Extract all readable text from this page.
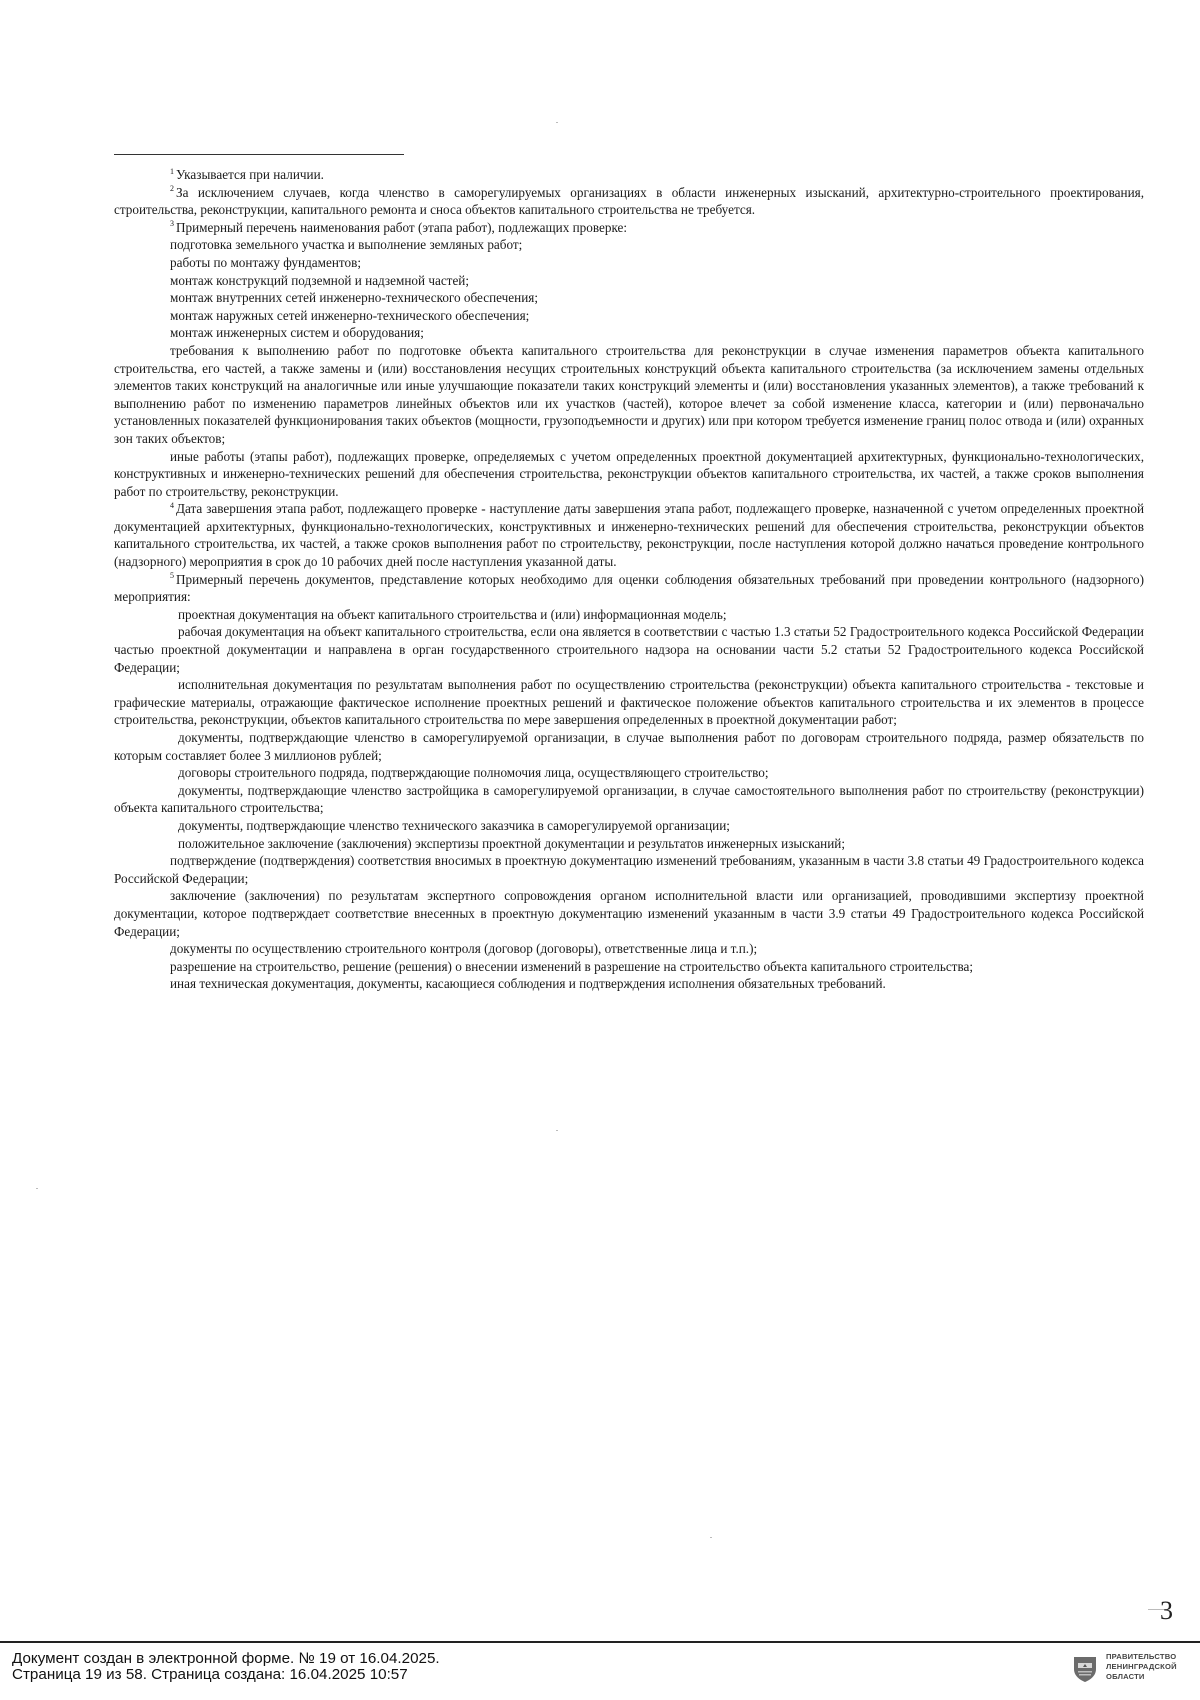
$^1$ Указывается при наличии.

$^2$ За исключением случаев, когда членство в саморегулируемых организациях в области инженерных изысканий, архитектурно-строительного проектирования, строительства, реконструкции, капитального ремонта и сноса объектов капитального строительства не требуется.

$^3$ Примерный перечень наименования работ (этапа работ), подлежащих проверке:

подготовка земельного участка и выполнение земляных работ;

работы по монтажу фундаментов;

монтаж конструкций подземной и надземной частей;

монтаж внутренних сетей инженерно-технического обеспечения;

монтаж наружных сетей инженерно-технического обеспечения;

монтаж инженерных систем и оборудования;

требования к выполнению работ по подготовке объекта капитального строительства для реконструкции в случае изменения параметров объекта капитального строительства, его частей, а также замены и (или) восстановления несущих строительных конструкций объекта капитального строительства (за исключением замены отдельных элементов таких конструкций на аналогичные или иные улучшающие показатели таких конструкций элементы и (или) восстановления указанных элементов), а также требований к выполнению работ по изменению параметров линейных объектов или их участков (частей), которое влечет за собой изменение класса, категории и (или) первоначально установленных показателей функционирования таких объектов (мощности, грузоподъемности и других) или при котором требуется изменение границ полос отвода и (или) охранных зон таких объектов;

иные работы (этапы работ), подлежащих проверке, определяемых с учетом определенных проектной документацией архитектурных, функционально-технологических, конструктивных и инженерно-технических решений для обеспечения строительства, реконструкции объектов капитального строительства, их частей, а также сроков выполнения работ по строительству, реконструкции.

$^4$ Дата завершения этапа работ, подлежащего проверке - наступление даты завершения этапа работ, подлежащего проверке, назначенной с учетом определенных проектной документацией архитектурных, функционально-технологических, конструктивных и инженерно-технических решений для обеспечения строительства, реконструкции объектов капитального строительства, их частей, а также сроков выполнения работ по строительству, реконструкции, после наступления которой должно начаться проведение контрольного (надзорного) мероприятия в срок до 10 рабочих дней после наступления указанной даты.

$^5$ Примерный перечень документов, представление которых необходимо для оценки соблюдения обязательных требований при проведении контрольного (надзорного) мероприятия:

проектная документация на объект капитального строительства и (или) информационная модель;

рабочая документация на объект капитального строительства, если она является в соответствии с частью 1.3 статьи 52 Градостроительного кодекса Российской Федерации частью проектной документации и направлена в орган государственного строительного надзора на основании части 5.2 статьи 52 Градостроительного кодекса Российской Федерации;

исполнительная документация по результатам выполнения работ по осуществлению строительства (реконструкции) объекта капитального строительства - текстовые и графические материалы, отражающие фактическое исполнение проектных решений и фактическое положение объектов капитального строительства и их элементов в процессе строительства, реконструкции, объектов капитального строительства по мере завершения определенных в проектной документации работ;

документы, подтверждающие членство в саморегулируемой организации, в случае выполнения работ по договорам строительного подряда, размер обязательств по которым составляет более 3 миллионов рублей;

договоры строительного подряда, подтверждающие полномочия лица, осуществляющего строительство;

документы, подтверждающие членство застройщика в саморегулируемой организации, в случае самостоятельного выполнения работ по строительству (реконструкции) объекта капитального строительства;

документы, подтверждающие членство технического заказчика в саморегулируемой организации;

положительное заключение (заключения) экспертизы проектной документации и результатов инженерных изысканий;

подтверждение (подтверждения) соответствия вносимых в проектную документацию изменений требованиям, указанным в части 3.8 статьи 49 Градостроительного кодекса Российской Федерации;

заключение (заключения) по результатам экспертного сопровождения органом исполнительной власти или организацией, проводившими экспертизу проектной документации, которое подтверждает соответствие внесенных в проектную документацию изменений указанным в части 3.9 статьи 49 Градостроительного кодекса Российской Федерации;

документы по осуществлению строительного контроля (договор (договоры), ответственные лица и т.п.);

разрешение на строительство, решение (решения) о внесении изменений в разрешение на строительство объекта капитального строительства;

иная техническая документация, документы, касающиеся соблюдения и подтверждения исполнения обязательных требований.

3
Документ создан в электронной форме. № 19 от 16.04.2025.
Страница 19 из 58. Страница создана: 16.04.2025 10:57
ПРАВИТЕЛЬСТВО
ЛЕНИНГРАДСКОЙ
ОБЛАСТИ
